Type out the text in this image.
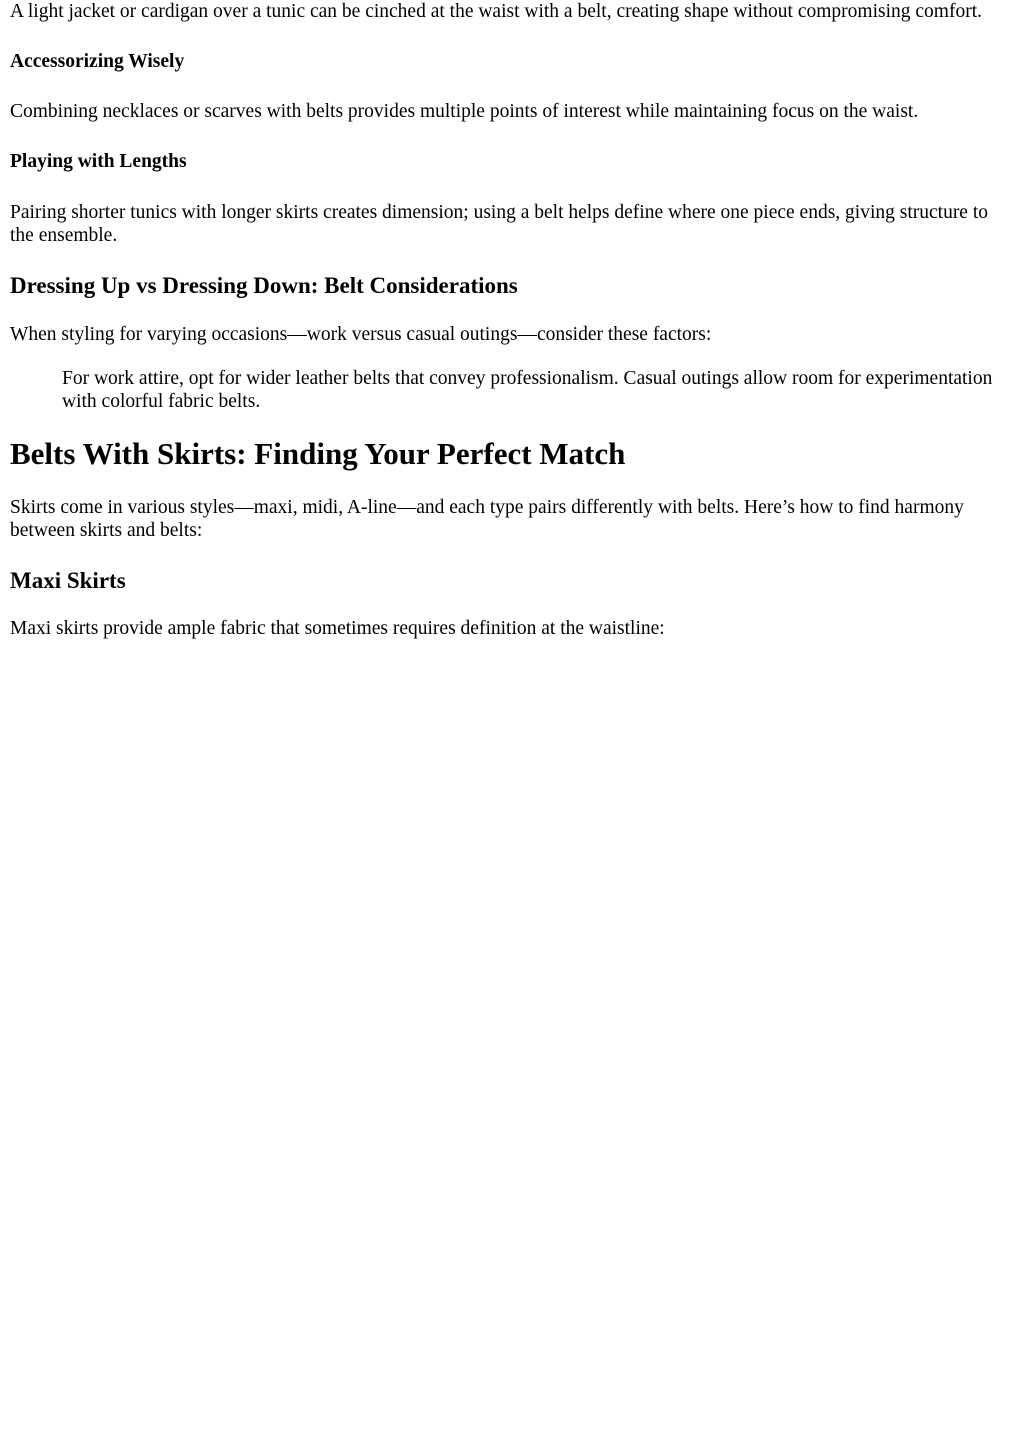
A light jacket or cardigan over a tunic can be cinched at the waist with a belt, creating shape without compromising comfort.

Accessorizing Wisely

Combining necklaces or scarves with belts provides multiple points of interest while maintaining focus on the waist.

Playing with Lengths

Pairing shorter tunics with longer skirts creates dimension; using a belt helps define where one piece ends, giving structure to the ensemble.

Dressing Up vs Dressing Down: Belt Considerations

When styling for varying occasions—work versus casual outings—consider these factors:

For work attire, opt for wider leather belts that convey professionalism. Casual outings allow room for experimentation with colorful fabric belts.
Belts With Skirts: Finding Your Perfect Match

Skirts come in various styles—maxi, midi, A-line—and each type pairs differently with belts. Here’s how to find harmony between skirts and belts:

Maxi Skirts

Maxi skirts provide ample fabric that sometimes requires definition at the waistline:
